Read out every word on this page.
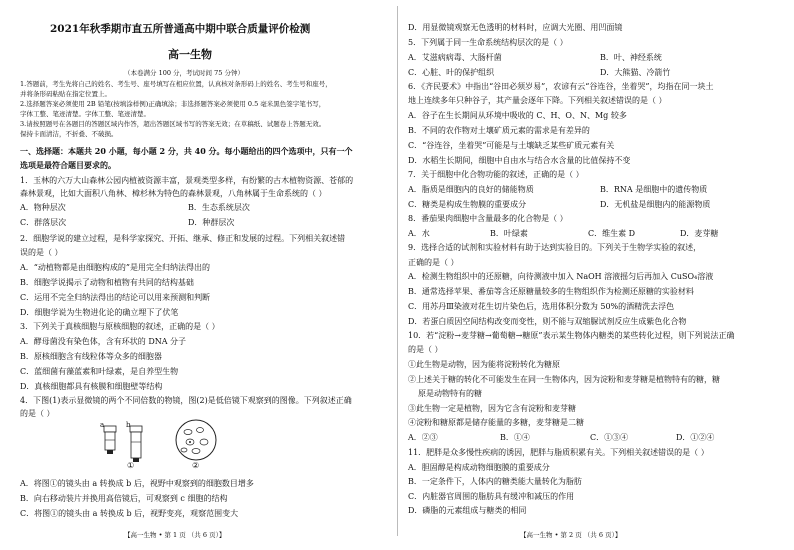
2021年秋季期市直五所普通高中期中联合质量评价检测
高一生物
（本卷满分 100 分，考试时间 75 分钟）
1.答题前，考生先将自己的姓名、考生号、座号填写在相应位置，认真核对条形码上的姓名、考生号和座号，
并将条形码粘贴在指定位置上。
2.选择题答案必须使用 2B 铅笔(按填涂样例)正确填涂；非选择题答案必须使用 0.5 毫米黑色签字笔书写，
字体工整、笔迹清楚。字体工整、笔迹清楚。
3.请按照题号在各题目的答题区域内作答，超出答题区域书写的答案无效；在草稿纸、试题卷上答题无效。
保持卡面清洁，不折叠、不破损。
一、选择题：本题共 20 小题，每小题 2 分，共 40 分。每小题给出的四个选项中，只有一个
选项是最符合题目要求的。
1．玉林的六万大山森林公园内植被资源丰富，景观类型多样，有纷繁的古木植物资源、苍郁的
森林景观，比如大面积八角林、樟杉林为特色的森林景观，八角林属于生命系统的（ ）
A．物种层次	B．生态系统层次
C．群落层次	D．种群层次
2．细胞学说的建立过程，是科学家探究、开拓、继承、修正和发展的过程。下列相关叙述错
误的是（ ）
A．“动植物都是由细胞构成的”是用完全归纳法得出的
B．细胞学说揭示了动物和植物有共同的结构基础
C．运用不完全归纳法得出的结论可以用来预测和判断
D．细胞学说为生物进化论的确立埋下了伏笔
3．下列关于真核细胞与原核细胞的叙述，正确的是（ ）
A．酵母菌没有染色体，含有环状的 DNA 分子
B．原核细胞含有线粒体等众多的细胞器
C．蓝细菌有藻蓝素和叶绿素，是自养型生物
D．真核细胞都具有核膜和细胞壁等结构
4．下图(1)表示显微镜的两个不同倍数的物镜，图(2)是低倍镜下观察到的图像。下列叙述正确
的是（ ）
a	b
①	②
A．将图①的镜头由 a 转换成 b 后，视野中观察到的细胞数目增多
B．向右移动装片并换用高倍镜后，可观察到 c 细胞的结构
C．将图①的镜头由 a 转换成 b 后，视野变亮，观察范围变大
【高一生物 • 第 1 页 （共 6 页）】
D．用显微镜观察无色透明的材料时，应调大光圈、用凹面镜
5．下列属于同一生命系统结构层次的是（ ）
A．艾滋病病毒、大肠杆菌	B．叶、神经系统
C．心脏、叶的保护组织	D．大熊猫、冷箭竹
6．《齐民要术》中指出“谷田必须岁易”，农谚有云“谷连谷，坐着哭”，均指在同一块土
地上连续多年只种谷子，其产量会逐年下降。下列相关叙述错误的是（ ）
A．谷子在生长期间从环境中吸收的 C、H、O、N、Mg 较多
B．不同的农作物对土壤矿质元素的需求是有差异的
C．“谷连谷，坐着哭”可能是与土壤缺乏某些矿质元素有关
D．水稻生长期间，细胞中自由水与结合水含量的比值保持不变
7．关于细胞中化合物功能的叙述，正确的是（ ）
A．脂质是细胞内的良好的储能物质	B．RNA 是细胞中的遗传物质
C．糖类是构成生物膜的重要成分	D．无机盐是细胞内的能源物质
8．番茄果肉细胞中含量最多的化合物是（ ）
A．水	B．叶绿素	C．维生素 D	D．麦芽糖
9．选择合适的试剂和实验材料有助于达到实验目的。下列关于生物学实验的叙述，
正确的是（ ）
A．检测生物组织中的还原糖，向待测液中加入 NaOH 溶液摇匀后再加入 CuSO₄溶液
B．通常选择苹果、番茄等含还原糖量较多的生物组织作为检测还原糖的实验材料
C．用苏丹Ⅲ染液对花生切片染色后，选用体积分数为 50%的酒精洗去浮色
D．若蛋白质因空间结构改变而变性，则不能与双缩脲试剂反应生成紫色化合物
10．若“淀粉→麦芽糖→葡萄糖→糖原”表示某生物体内糖类的某些转化过程，则下列说法正确
的是（ ）
①此生物是动物，因为能将淀粉转化为糖原
②上述关于糖的转化不可能发生在同一生物体内，因为淀粉和麦芽糖是植物特有的糖，糖
原是动物特有的糖
③此生物一定是植物，因为它含有淀粉和麦芽糖
④淀粉和糖原都是储存能量的多糖，麦芽糖是二糖
A．②③	B．①④	C．①③④	D．①②④
11．肥胖是众多慢性疾病的诱因，肥胖与脂质积累有关。下列相关叙述错误的是（ ）
A．胆固醇是构成动物细胞膜的重要成分
B．一定条件下，人体内的糖类能大量转化为脂肪
C．内脏器官周围的脂肪具有缓冲和减压的作用
D．磷脂的元素组成与糖类的相同
【高一生物 • 第 2 页 （共 6 页）】
